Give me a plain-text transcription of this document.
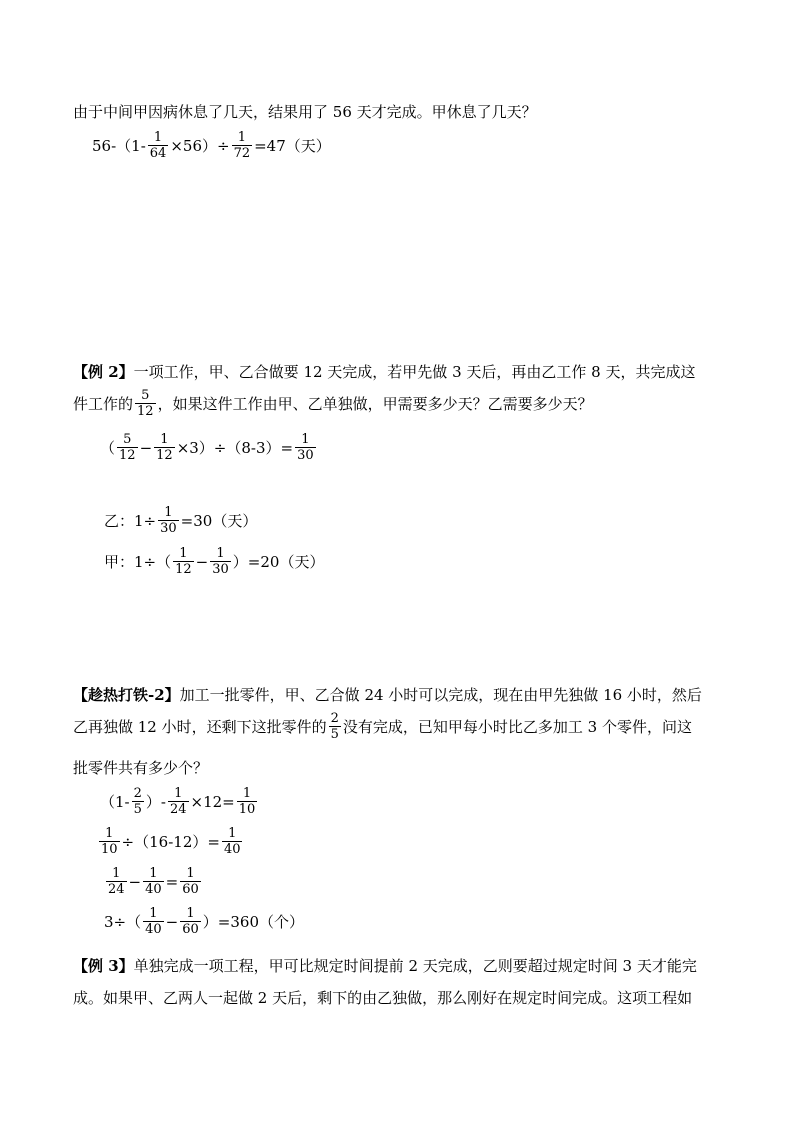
由于中间甲因病休息了几天，结果用了 56 天才完成。甲休息了几天？
$56-(1- \frac{1}{64} \times 56)\div \frac{1}{72} =47$（天）
【例 2】一项工作，甲、乙合做要 12 天完成，若甲先做 3 天后，再由乙工作 8 天，共完成这
件工作的 $\frac{5}{12}$ ，如果这件工作由甲、乙单独做，甲需要多少天？乙需要多少天？
（ $\frac{5}{12} - \frac{1}{12} \times 3)\div(8-3)= \frac{1}{30}$
乙：$1\div \frac{1}{30} =30$（天）
甲：$1\div( \frac{1}{12} - \frac{1}{30} )=20$（天）
【趁热打铁-2】加工一批零件，甲、乙合做 24 小时可以完成，现在由甲先独做 16 小时，然后
乙再独做 12 小时，还剩下这批零件的 $\frac{2}{5}$ 没有完成，已知甲每小时比乙多加工 3 个零件，问这
批零件共有多少个？
（$1- \frac{2}{5}$ ）- $\frac{1}{24} \times 12= \frac{1}{10}$
$\frac{1}{10} \div(16-12)= \frac{1}{40}$
$\frac{1}{24} - \frac{1}{40} = \frac{1}{60}$
$3\div( \frac{1}{40} - \frac{1}{60} )=360$（个）
【例 3】单独完成一项工程，甲可比规定时间提前 2 天完成，乙则要超过规定时间 3 天才能完
成。如果甲、乙两人一起做 2 天后，剩下的由乙独做，那么刚好在规定时间完成。这项工程如
